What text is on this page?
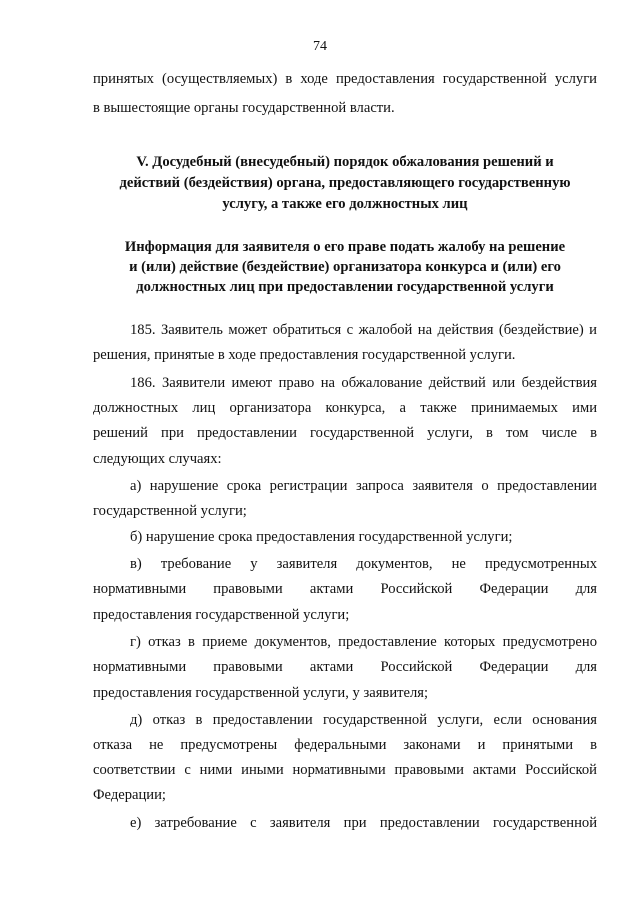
74
принятых (осуществляемых) в ходе предоставления государственной услуги
в вышестоящие органы государственной власти.
V. Досудебный (внесудебный) порядок обжалования решений и
действий (бездействия) органа, предоставляющего государственную
услугу, а также его должностных лиц
Информация для заявителя о его праве подать жалобу на решение
и (или) действие (бездействие) организатора конкурса и (или) его
должностных лиц при предоставлении государственной услуги
185. Заявитель может обратиться с жалобой на действия (бездействие) и
решения, принятые в ходе предоставления государственной услуги.
186. Заявители имеют право на обжалование действий или бездействия
должностных лиц организатора конкурса, а также принимаемых ими
решений при предоставлении государственной услуги, в том числе в
следующих случаях:
а) нарушение срока регистрации запроса заявителя о предоставлении
государственной услуги;
б) нарушение срока предоставления государственной услуги;
в) требование у заявителя документов, не предусмотренных
нормативными правовыми актами Российской Федерации для
предоставления государственной услуги;
г) отказ в приеме документов, предоставление которых предусмотрено
нормативными правовыми актами Российской Федерации для
предоставления государственной услуги, у заявителя;
д) отказ в предоставлении государственной услуги, если основания
отказа не предусмотрены федеральными законами и принятыми в
соответствии с ними иными нормативными правовыми актами Российской
Федерации;
е) затребование с заявителя при предоставлении государственной
